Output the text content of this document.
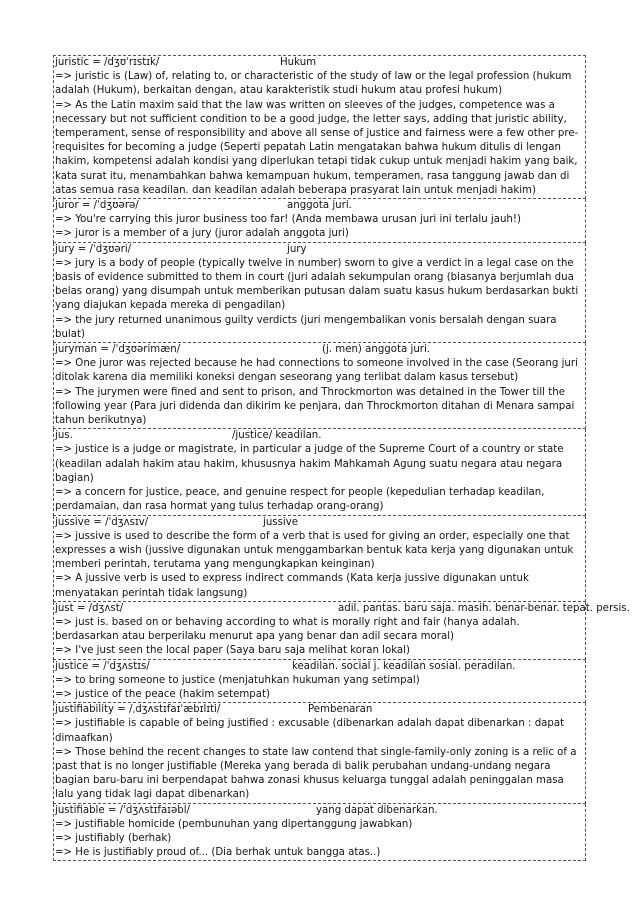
juristic = /dʒʊˈrɪstɪk/	Hukum
=> juristic is (Law) of, relating to, or characteristic of the study of law or the legal profession (hukum adalah (Hukum), berkaitan dengan, atau karakteristik studi hukum atau profesi hukum)
=> As the Latin maxim said that the law was written on sleeves of the judges, competence was a necessary but not sufficient condition to be a good judge, the letter says, adding that juristic ability, temperament, sense of responsibility and above all sense of justice and fairness were a few other pre-requisites for becoming a judge (Seperti pepatah Latin mengatakan bahwa hukum ditulis di lengan hakim, kompetensi adalah kondisi yang diperlukan tetapi tidak cukup untuk menjadi hakim yang baik, kata surat itu, menambahkan bahwa kemampuan hukum, temperamen, rasa tanggung jawab dan di atas semua rasa keadilan. dan keadilan adalah beberapa prasyarat lain untuk menjadi hakim)
juror = /ˈdʒʊərə/	anggota juri.
=> You're carrying this juror business too far! (Anda membawa urusan juri ini terlalu jauh!)
=> juror is a member of a jury (juror adalah anggota juri)
jury = /ˈdʒʊəri/	jury
=> jury is a body of people (typically twelve in number) sworn to give a verdict in a legal case on the basis of evidence submitted to them in court (juri adalah sekumpulan orang (biasanya berjumlah dua belas orang) yang disumpah untuk memberikan putusan dalam suatu kasus hukum berdasarkan bukti yang diajukan kepada mereka di pengadilan)
=> the jury returned unanimous guilty verdicts (juri mengembalikan vonis bersalah dengan suara bulat)
juryman = /ˈdʒʊərimæn/	(j. men) anggota juri.
=> One juror was rejected because he had connections to someone involved in the case (Seorang juri ditolak karena dia memiliki koneksi dengan seseorang yang terlibat dalam kasus tersebut)
=> The jurymen were fined and sent to prison, and Throckmorton was detained in the Tower till the following year (Para juri didenda dan dikirim ke penjara, dan Throckmorton ditahan di Menara sampai tahun berikutnya)
jus.	/justice/ keadilan.
=> justice is a judge or magistrate, in particular a judge of the Supreme Court of a country or state (keadilan adalah hakim atau hakim, khususnya hakim Mahkamah Agung suatu negara atau negara bagian)
=> a concern for justice, peace, and genuine respect for people (kepedulian terhadap keadilan, perdamaian, dan rasa hormat yang tulus terhadap orang-orang)
jussive = /ˈdʒʌsɪv/	jussive
=> jussive is used to describe the form of a verb that is used for giving an order, especially one that expresses a wish (jussive digunakan untuk menggambarkan bentuk kata kerja yang digunakan untuk memberi perintah, terutama yang mengungkapkan keinginan)
=> A jussive verb is used to express indirect commands (Kata kerja jussive digunakan untuk menyatakan perintah tidak langsung)
just = /dʒʌst/	adil. pantas. baru saja. masih. benar-benar. tepat. persis.
=> just is. based on or behaving according to what is morally right and fair (hanya adalah. berdasarkan atau berperilaku menurut apa yang benar dan adil secara moral)
=> I've just seen the local paper (Saya baru saja melihat koran lokal)
justice = /ˈdʒʌstɪs/	keadilan. social j. keadilan sosial. peradilan.
=> to bring someone to justice (menjatuhkan hukuman yang setimpal)
=> justice of the peace (hakim setempat)
justifiability = /ˌdʒʌstɪfaɪˈæbɪlɪti/	Pembenaran
=> justifiable is capable of being justified : excusable (dibenarkan adalah dapat dibenarkan : dapat dimaafkan)
=> Those behind the recent changes to state law contend that single-family-only zoning is a relic of a past that is no longer justifiable (Mereka yang berada di balik perubahan undang-undang negara bagian baru-baru ini berpendapat bahwa zonasi khusus keluarga tunggal adalah peninggalan masa lalu yang tidak lagi dapat dibenarkan)
justifiable = /ˈdʒʌstɪfaɪəbl/	yang dapat dibenarkan.
=> justifiable homicide (pembunuhan yang dipertanggung jawabkan)
=> justifiably (berhak)
=> He is justifiably proud of... (Dia berhak untuk bangga atas..)
